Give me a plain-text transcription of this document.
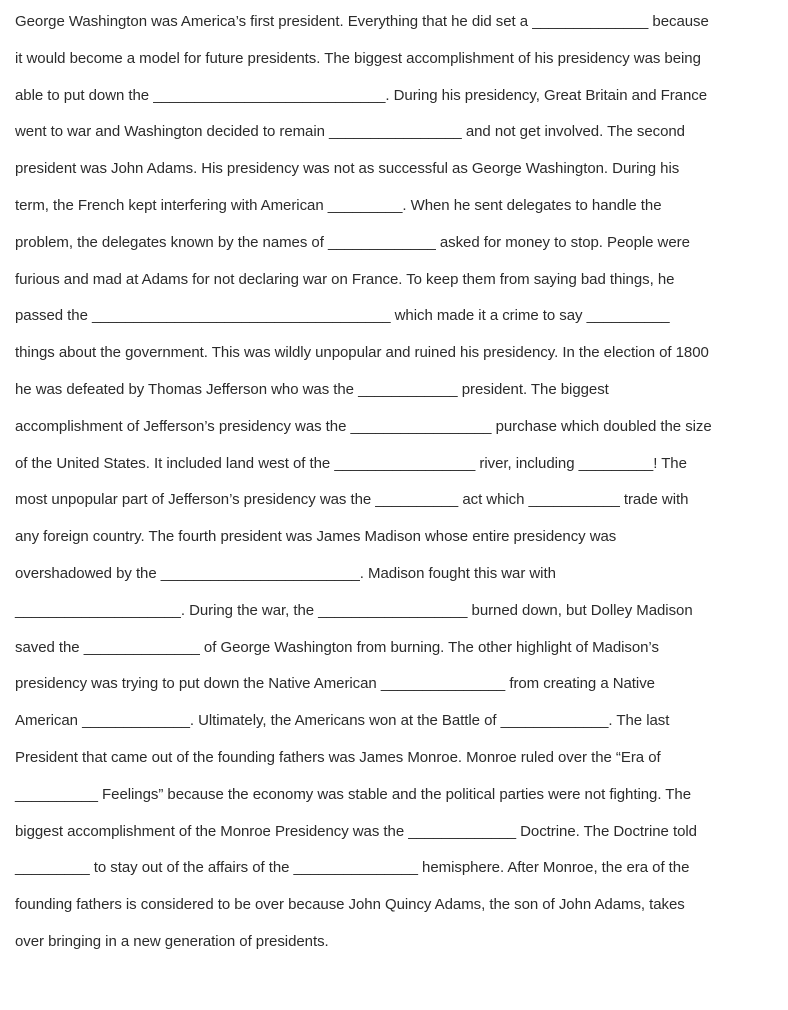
George Washington was America’s first president. Everything that he did set a ______________ because
it would become a model for future presidents. The biggest accomplishment of his presidency was being
able to put down the ____________________________. During his presidency, Great Britain and France
went to war and Washington decided to remain ________________ and not get involved. The second
president was John Adams. His presidency was not as successful as George Washington. During his
term, the French kept interfering with American _________. When he sent delegates to handle the
problem, the delegates known by the names of _____________ asked for money to stop. People were
furious and mad at Adams for not declaring war on France. To keep them from saying bad things, he
passed the ____________________________________ which made it a crime to say __________
things about the government. This was wildly unpopular and ruined his presidency. In the election of 1800
he was defeated by Thomas Jefferson who was the ____________ president. The biggest
accomplishment of Jefferson’s presidency was the _________________ purchase which doubled the size
of the United States. It included land west of the _________________ river, including _________! The
most unpopular part of Jefferson’s presidency was the __________ act which ___________ trade with
any foreign country. The fourth president was James Madison whose entire presidency was
overshadowed by the ________________________. Madison fought this war with
____________________. During the war, the __________________ burned down, but Dolley Madison
saved the ______________ of George Washington from burning. The other highlight of Madison’s
presidency was trying to put down the Native American _______________ from creating a Native
American _____________. Ultimately, the Americans won at the Battle of _____________. The last
President that came out of the founding fathers was James Monroe. Monroe ruled over the “Era of
__________ Feelings” because the economy was stable and the political parties were not fighting. The
biggest accomplishment of the Monroe Presidency was the _____________ Doctrine. The Doctrine told
_________ to stay out of the affairs of the _______________ hemisphere. After Monroe, the era of the
founding fathers is considered to be over because John Quincy Adams, the son of John Adams, takes
over bringing in a new generation of presidents.
